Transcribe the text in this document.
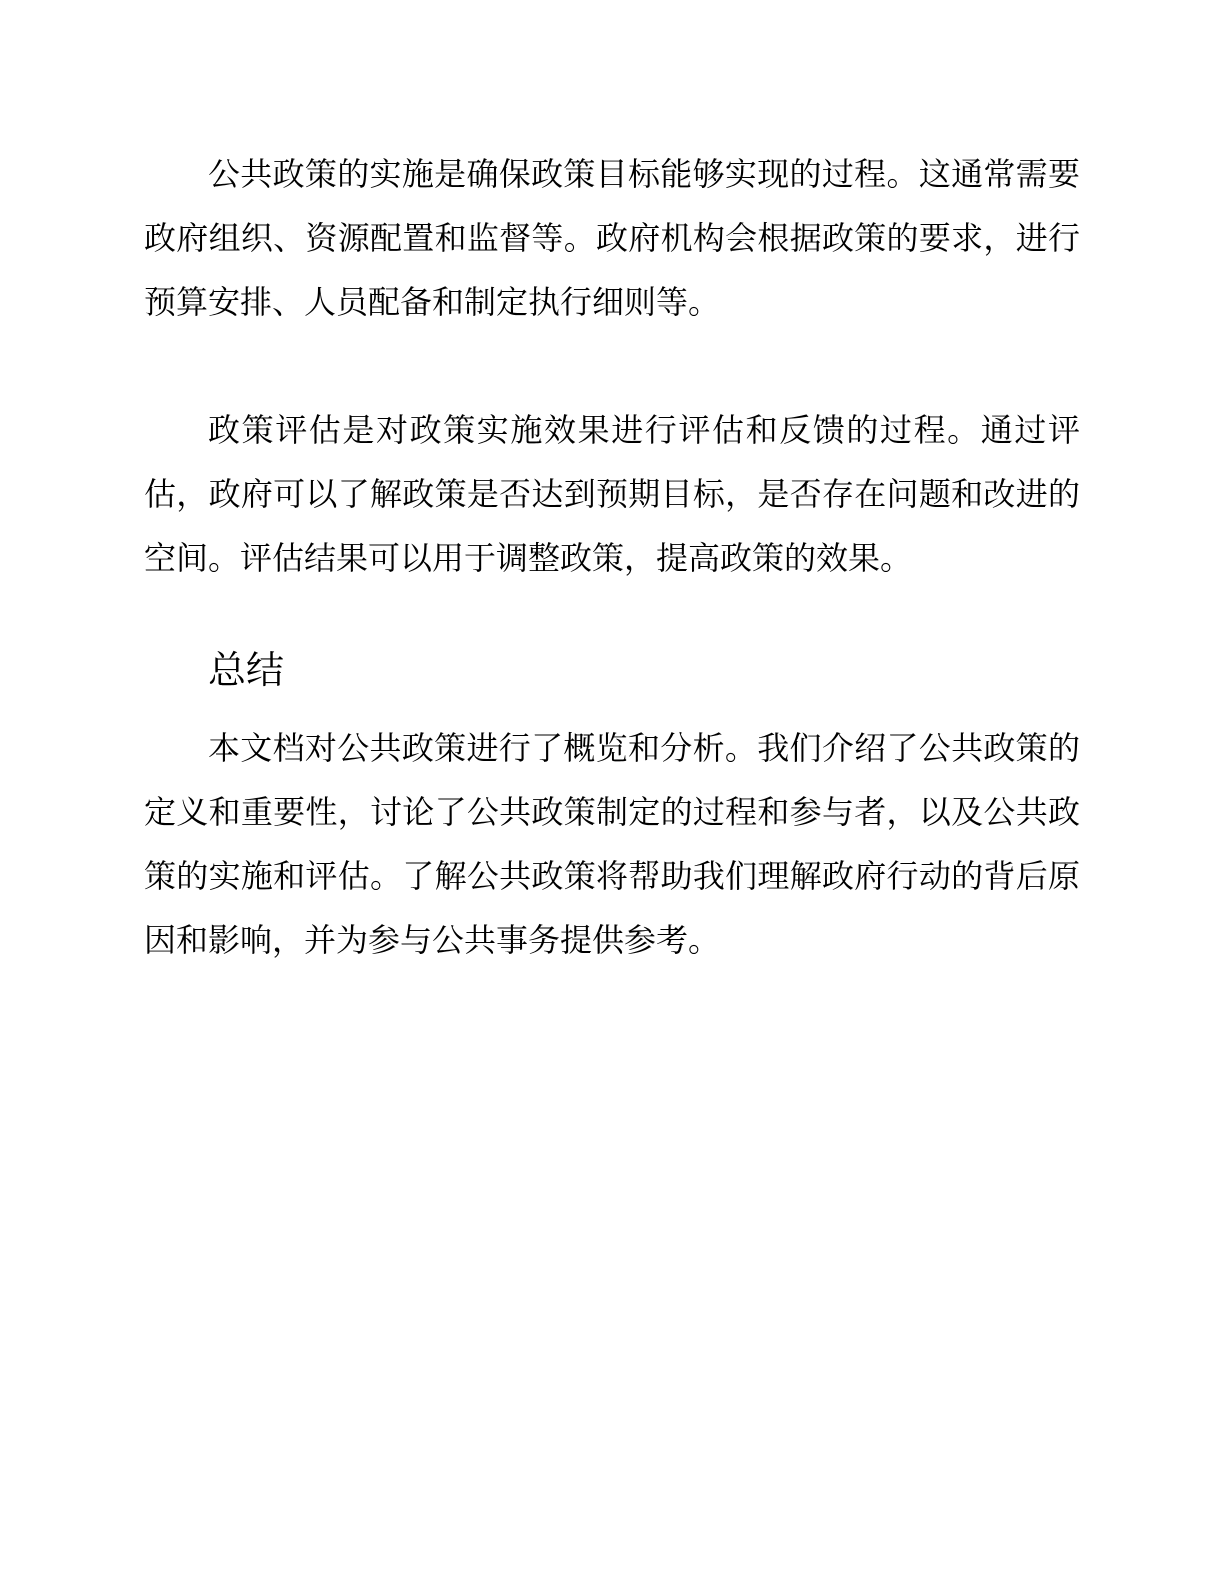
公共政策的实施是确保政策目标能够实现的过程。这通常需要政府组织、资源配置和监督等。政府机构会根据政策的要求，进行预算安排、人员配备和制定执行细则等。

政策评估是对政策实施效果进行评估和反馈的过程。通过评估，政府可以了解政策是否达到预期目标，是否存在问题和改进的空间。评估结果可以用于调整政策，提高政策的效果。

总结

本文档对公共政策进行了概览和分析。我们介绍了公共政策的定义和重要性，讨论了公共政策制定的过程和参与者，以及公共政策的实施和评估。了解公共政策将帮助我们理解政府行动的背后原因和影响，并为参与公共事务提供参考。
